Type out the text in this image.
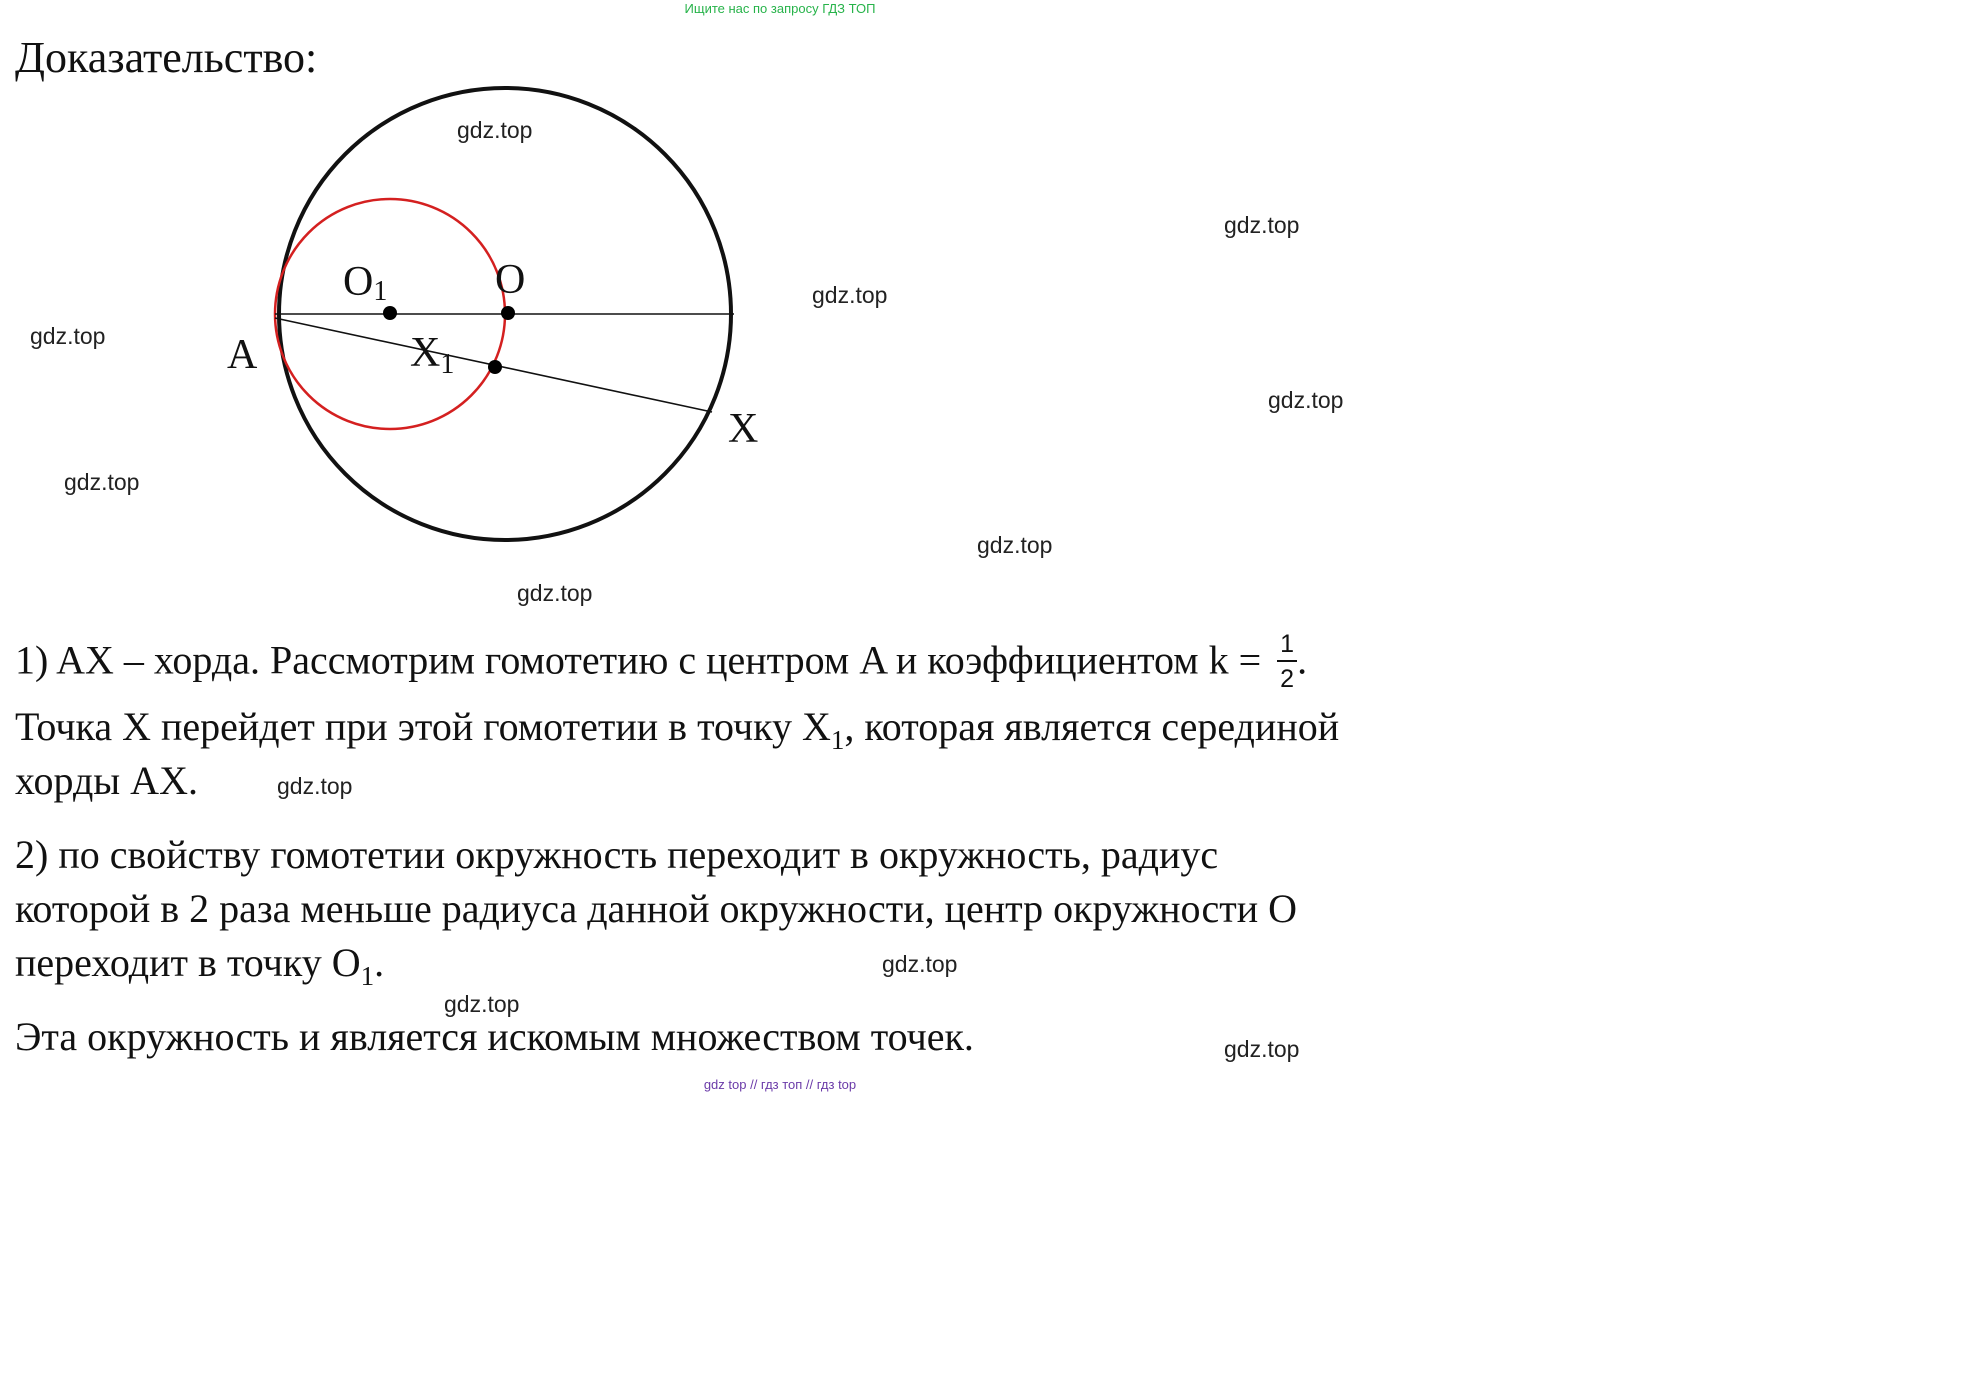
Ищите нас по запросу ГДЗ ТОП
Доказательство:
O1	O
A	X1
X
gdz.top
gdz.top
gdz.top
gdz.top
gdz.top
gdz.top
gdz.top
gdz.top
gdz.top
gdz.top
gdz.top
gdz.top
1) AX – хорда. Рассмотрим гомотетию с центром A и коэффициентом $k = \frac{1}{2}$ .
Точка X перейдет при этой гомотетии в точку $X_1$, которая является серединой
хорды AX.
2) по свойству гомотетии окружность переходит в окружность, радиус
которой в 2 раза меньше радиуса данной окружности, центр окружности O
переходит в точку $O_1$.
Эта окружность и является искомым множеством точек.
gdz top // гдз топ // гдз top
